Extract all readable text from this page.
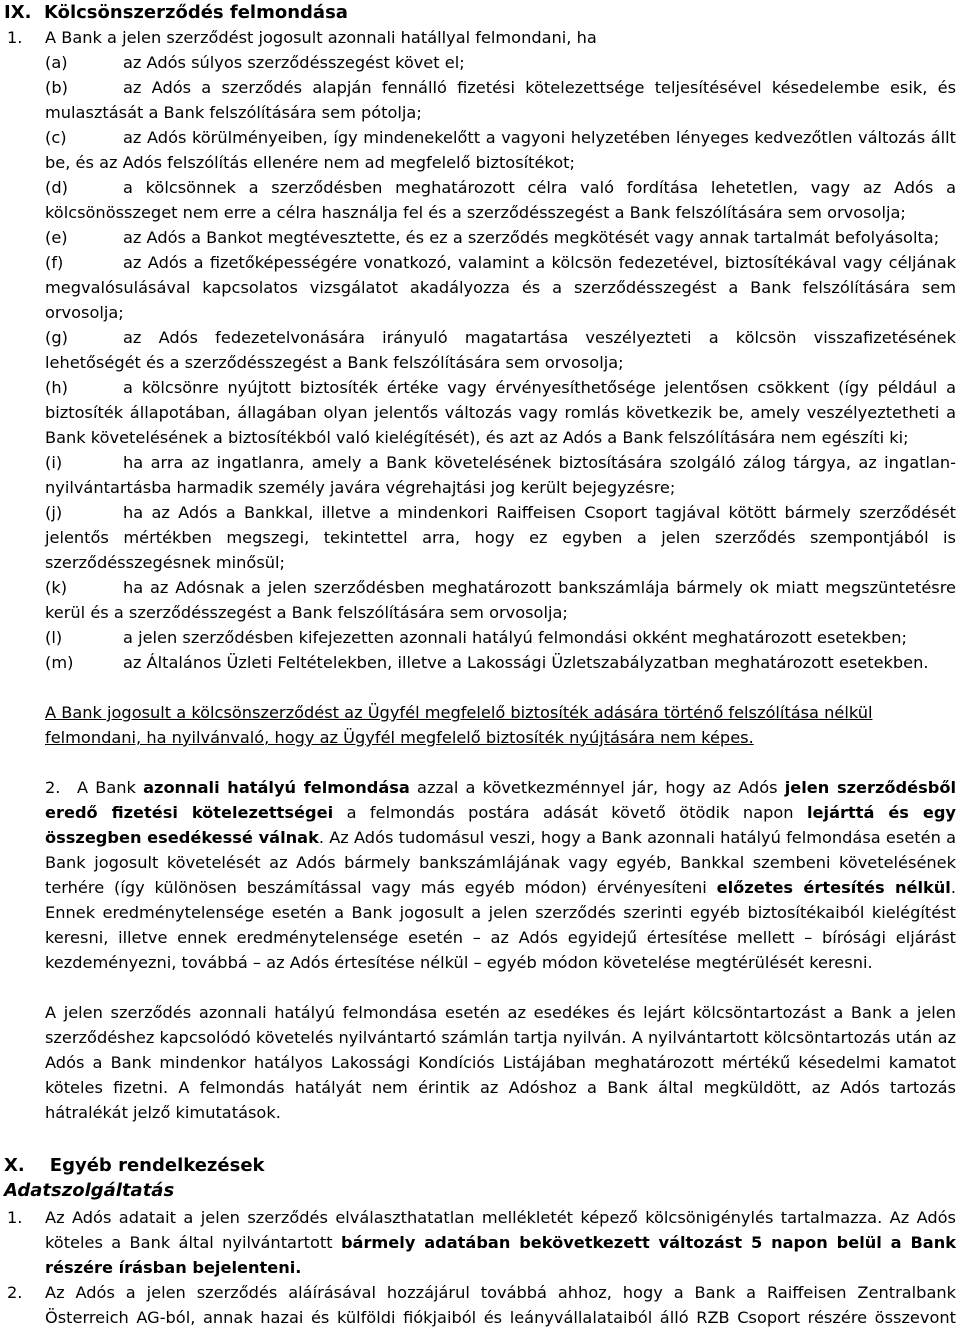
IX. Kölcsönszerződés felmondása
1. A Bank a jelen szerződést jogosult azonnali hatállyal felmondani, ha
(a)	az Adós súlyos szerződésszegést követ el;
(b)	az Adós a szerződés alapján fennálló fizetési kötelezettsége teljesítésével késedelembe esik, és mulasztását a Bank felszólítására sem pótolja;
(c)	az Adós körülményeiben, így mindenekelőtt a vagyoni helyzetében lényeges kedvezőtlen változás állt be, és az Adós felszólítás ellenére nem ad megfelelő biztosítékot;
(d)	a kölcsönnek a szerződésben meghatározott célra való fordítása lehetetlen, vagy az Adós a kölcsönösszeget nem erre a célra használja fel és a szerződésszegést a Bank felszólítására sem orvosolja;
(e)	az Adós a Bankot megtévesztette, és ez a szerződés megkötését vagy annak tartalmát befolyásolta;
(f)	az Adós a fizetőképességére vonatkozó, valamint a kölcsön fedezetével, biztosítékával vagy céljának megvalósulásával kapcsolatos vizsgálatot akadályozza és a szerződésszegést a Bank felszólítására sem orvosolja;
(g)	az Adós fedezetelvonására irányuló magatartása veszélyezteti a kölcsön visszafizetésének lehetőségét és a szerződésszegést a Bank felszólítására sem orvosolja;
(h)	a kölcsönre nyújtott biztosíték értéke vagy érvényesíthetősége jelentősen csökkent (így például a biztosíték állapotában, állagában olyan jelentős változás vagy romlás következik be, amely veszélyeztetheti a Bank követelésének a biztosítékból való kielégítését), és azt az Adós a Bank felszólítására nem egészíti ki;
(i)	ha arra az ingatlanra, amely a Bank követelésének biztosítására szolgáló zálog tárgya, az ingatlan-nyilvántartásba harmadik személy javára végrehajtási jog került bejegyzésre;
(j)	ha az Adós a Bankkal, illetve a mindenkori Raiffeisen Csoport tagjával kötött bármely szerződését jelentős mértékben megszegi, tekintettel arra, hogy ez egyben a jelen szerződés szempontjából is szerződésszegésnek minősül;
(k)	ha az Adósnak a jelen szerződésben meghatározott bankszámlája bármely ok miatt megszüntetésre kerül és a szerződésszegést a Bank felszólítására sem orvosolja;
(l)	a jelen szerződésben kifejezetten azonnali hatályú felmondási okként meghatározott esetekben;
(m)	az Általános Üzleti Feltételekben, illetve a Lakossági Üzletszabályzatban meghatározott esetekben.
A Bank jogosult a kölcsönszerződést az Ügyfél megfelelő biztosíték adására történő felszólítása nélkül felmondani, ha nyilvánvaló, hogy az Ügyfél megfelelő biztosíték nyújtására nem képes.
2. A Bank azonnali hatályú felmondása azzal a következménnyel jár, hogy az Adós jelen szerződésből eredő fizetési kötelezettségei a felmondás postára adását követő ötödik napon lejárttá és egy összegben esedékessé válnak. Az Adós tudomásul veszi, hogy a Bank azonnali hatályú felmondása esetén a Bank jogosult követelését az Adós bármely bankszámlájának vagy egyéb, Bankkal szembeni követelésének terhére (így különösen beszámítással vagy más egyéb módon) érvényesíteni előzetes értesítés nélkül. Ennek eredménytelensége esetén a Bank jogosult a jelen szerződés szerinti egyéb biztosítékaiból kielégítést keresni, illetve ennek eredménytelensége esetén – az Adós egyidejű értesítése mellett – bírósági eljárást kezdeményezni, továbbá – az Adós értesítése nélkül – egyéb módon követelése megtérülését keresni.
A jelen szerződés azonnali hatályú felmondása esetén az esedékes és lejárt kölcsöntartozást a Bank a jelen szerződéshez kapcsolódó követelés nyilvántartó számlán tartja nyilván. A nyilvántartott kölcsöntartozás után az Adós a Bank mindenkor hatályos Lakossági Kondíciós Listájában meghatározott mértékű késedelmi kamatot köteles fizetni. A felmondás hatályát nem érintik az Adóshoz a Bank által megküldött, az Adós tartozás hátralékát jelző kimutatások.
X. Egyéb rendelkezések
Adatszolgáltatás
1. Az Adós adatait a jelen szerződés elválaszthatatlan mellékletét képező kölcsönigénylés tartalmazza. Az Adós köteles a Bank által nyilvántartott bármely adatában bekövetkezett változást 5 napon belül a Bank részére írásban bejelenteni.
2. Az Adós a jelen szerződés aláírásával hozzájárul továbbá ahhoz, hogy a Bank a Raiffeisen Zentralbank Österreich AG-ból, annak hazai és külföldi fiókjaiból és leányvállalataiból álló RZB Csoport részére összevont
